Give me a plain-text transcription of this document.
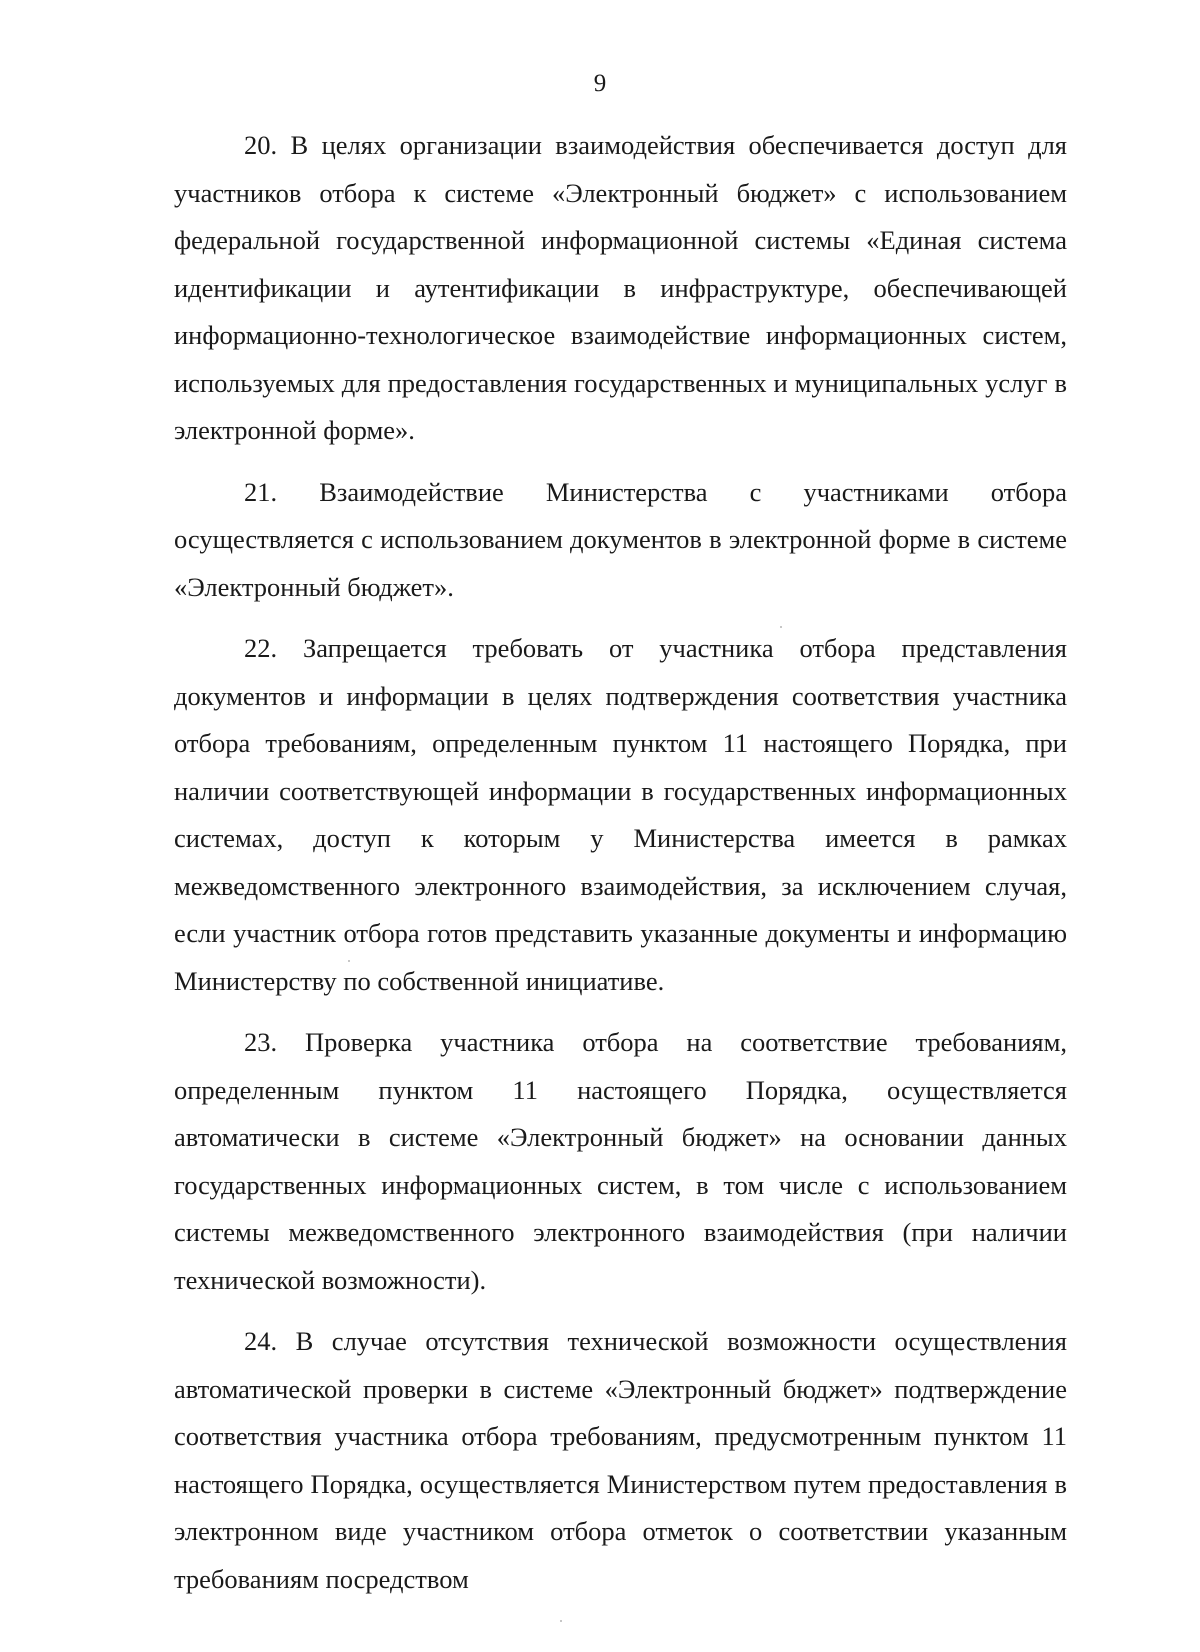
9

20. В целях организации взаимодействия обеспечивается доступ для участников отбора к системе «Электронный бюджет» с использованием федеральной государственной информационной системы «Единая система идентификации и аутентификации в инфраструктуре, обеспечивающей информационно-технологическое взаимодействие информационных систем, используемых для предоставления государственных и муниципальных услуг в электронной форме».

21. Взаимодействие Министерства с участниками отбора осуществляется с использованием документов в электронной форме в системе «Электронный бюджет».

22. Запрещается требовать от участника отбора представления документов и информации в целях подтверждения соответствия участника отбора требованиям, определенным пунктом 11 настоящего Порядка, при наличии соответствующей информации в государственных информационных системах, доступ к которым у Министерства имеется в рамках межведомственного электронного взаимодействия, за исключением случая, если участник отбора готов представить указанные документы и информацию Министерству по собственной инициативе.

23. Проверка участника отбора на соответствие требованиям, определенным пунктом 11 настоящего Порядка, осуществляется автоматически в системе «Электронный бюджет» на основании данных государственных информационных систем, в том числе с использованием системы межведомственного электронного взаимодействия (при наличии технической возможности).

24. В случае отсутствия технической возможности осуществления автоматической проверки в системе «Электронный бюджет» подтверждение соответствия участника отбора требованиям, предусмотренным пунктом 11 настоящего Порядка, осуществляется Министерством путем предоставления в электронном виде участником отбора отметок о соответствии указанным требованиям посредством
